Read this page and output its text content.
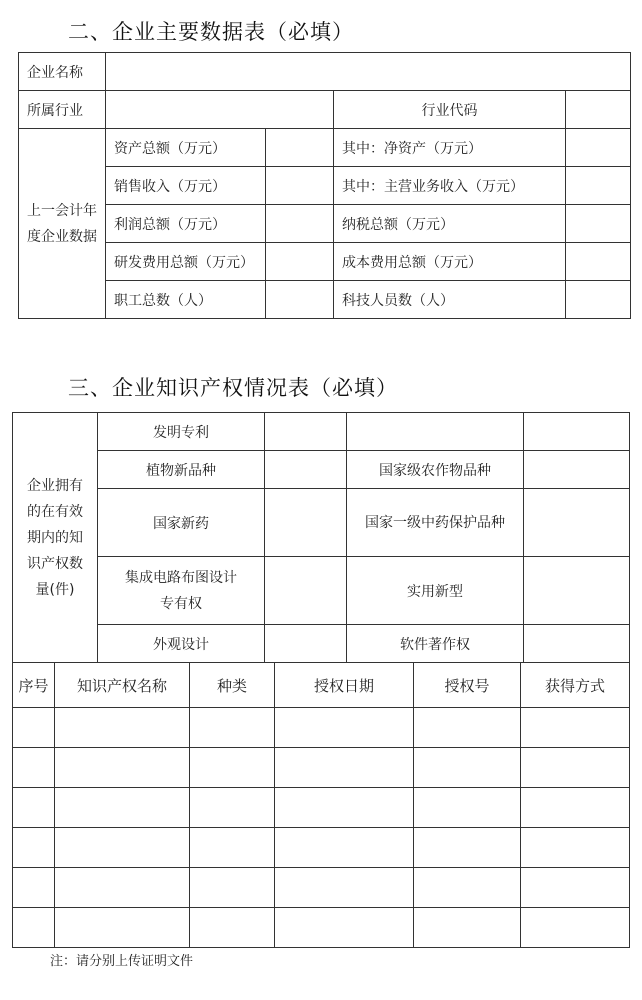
二、企业主要数据表（必填）
企业名称				
所属行业			行业代码	
上一会计年度企业数据	资产总额（万元）		其中：净资产（万元）	
	销售收入（万元）		其中：主营业务收入（万元）	
	利润总额（万元）		纳税总额（万元）	
	研发费用总额（万元）		成本费用总额（万元）	
	职工总数（人）		科技人员数（人）	
三、企业知识产权情况表（必填）
企业拥有的在有效期内的知识产权数量(件)	发明专利			
	植物新品种		国家级农作物品种	
	国家新药		国家一级中药保护品种	
	集成电路布图设计专有权		实用新型	
	外观设计		软件著作权	
序号	知识产权名称	种类	授权日期	授权号	获得方式

注：请分别上传证明文件
